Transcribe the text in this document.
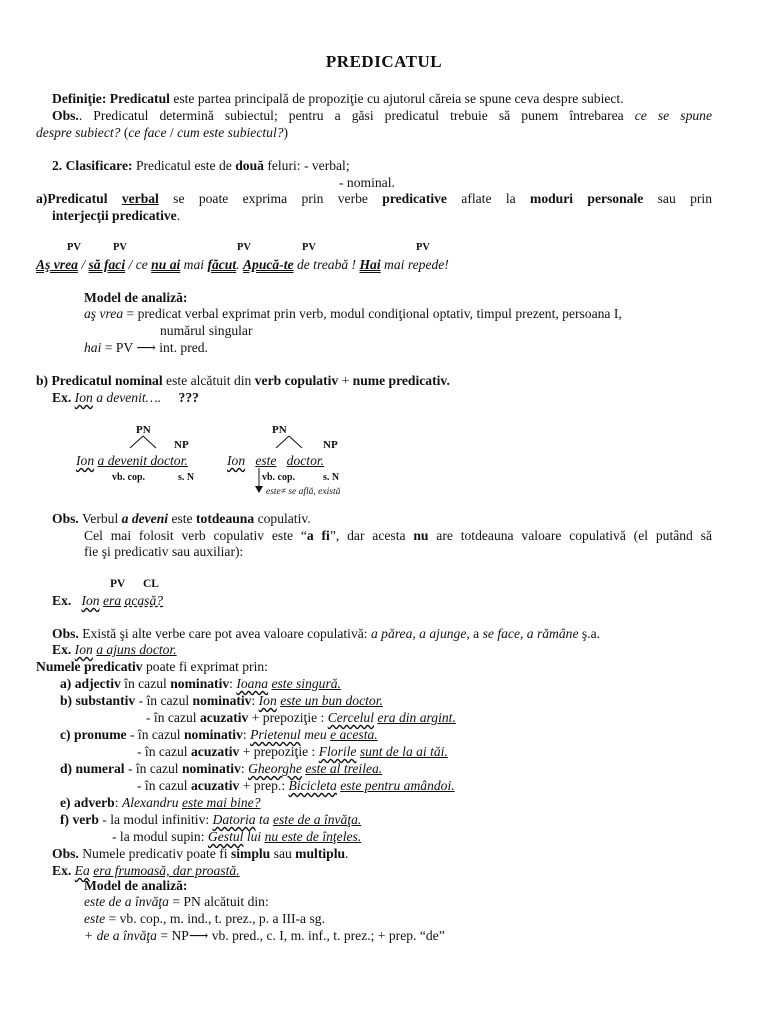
PREDICATUL
Definiţie: Predicatul este partea principală de propoziţie cu ajutorul căreia se spune ceva despre subiect.
Obs.. Predicatul determină subiectul; pentru a găsi predicatul trebuie să punem întrebarea ce se spune
despre subiect? (ce face / cum este subiectul?)
2. Clasificare: Predicatul este de două feluri: - verbal;
- nominal.
a)Predicatul verbal se poate exprima prin verbe predicative aflate la moduri personale sau prin
interjecţii predicative.
PV	PV	PV	PV	PV
Aş vrea / să faci / ce nu ai mai făcut. Apucă-te de treabă ! Hai mai repede!
Model de analiză:
aş vrea = predicat verbal exprimat prin verb, modul condiţional optativ, timpul prezent, persoana I,
numărul singular
hai = PV ⟶ int. pred.
b) Predicatul nominal este alcătuit din verb copulativ + nume predicativ.
Ex. Ion a devenit…. ???
PN
NP
Ion a devenit doctor.
vb. cop.	s. N
PN
NP
Ion este doctor.
vb. cop.	s. N
este≠ se află, există
Obs. Verbul a deveni este totdeauna copulativ.
Cel mai folosit verb copulativ este “a fi”, dar acesta nu are totdeauna valoare copulativă (el putând să
fie şi predicativ sau auxiliar):
PV CL
Ex. Ion era acasă?
Obs. Există şi alte verbe care pot avea valoare copulativă: a părea, a ajunge, a se face, a rămâne ş.a.
Ex. Ion a ajuns doctor.
Numele predicativ poate fi exprimat prin:
a) adjectiv în cazul nominativ: Ioana este singură.
b) substantiv - în cazul nominativ: Ion este un bun doctor.
- în cazul acuzativ + prepoziţie : Cercelul era din argint.
c) pronume - în cazul nominativ: Prietenul meu e acesta.
- în cazul acuzativ + prepoziţie : Florile sunt de la ai tăi.
d) numeral - în cazul nominativ: Gheorghe este al treilea.
- în cazul acuzativ + prep.: Bicicleta este pentru amândoi.
e) adverb: Alexandru este mai bine?
f) verb - la modul infinitiv: Datoria ta este de a învăţa.
- la modul supin: Gestul lui nu este de înţeles.
Obs. Numele predicativ poate fi simplu sau multiplu.
Ex. Ea era frumoasă, dar proastă.
Model de analiză:
este de a învăţa = PN alcătuit din:
este = vb. cop., m. ind., t. prez., p. a III-a sg.
+ de a învăţa = NP⟶ vb. pred., c. I, m. inf., t. prez.; + prep. “de”
